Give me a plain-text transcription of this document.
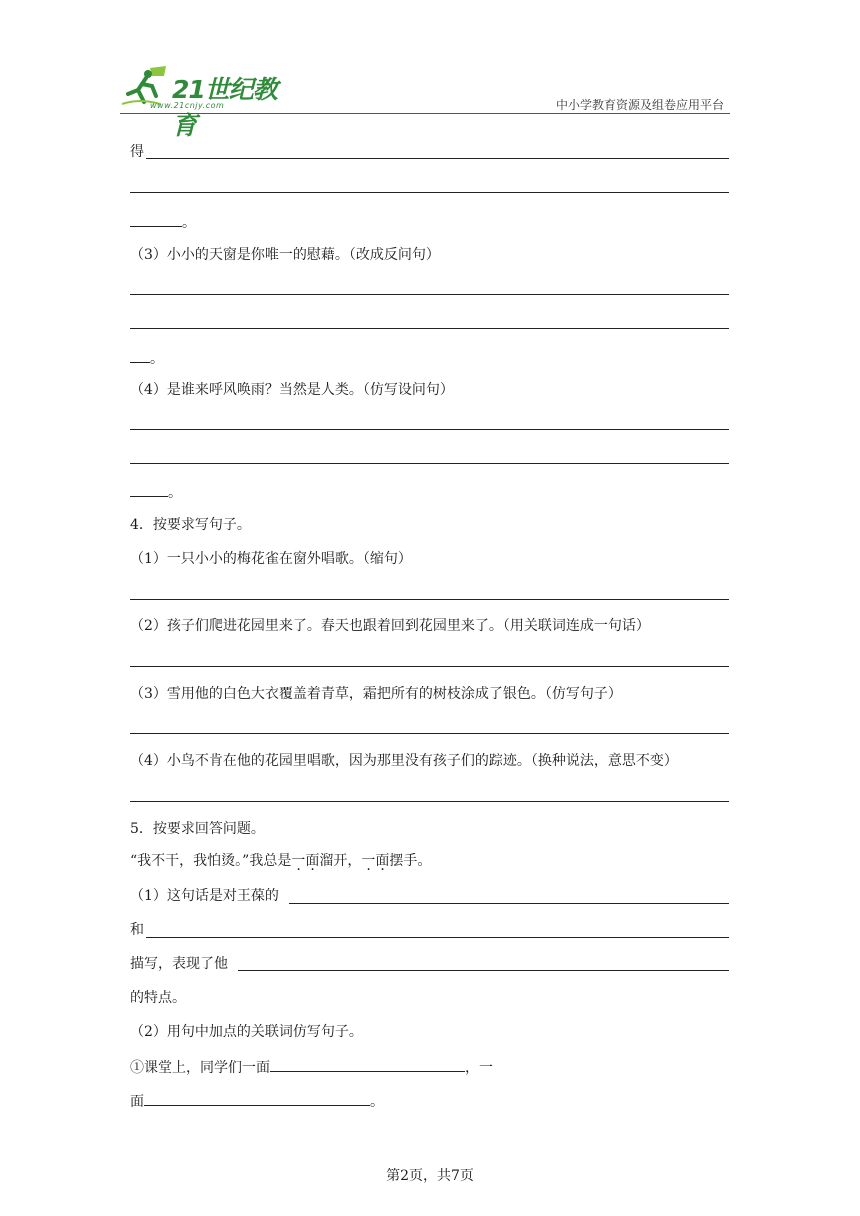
21世纪教育
www.21cnjy.com	中小学教育资源及组卷应用平台
得
。
（3）小小的天窗是你唯一的慰藉。（改成反问句）
。
（4）是谁来呼风唤雨？当然是人类。（仿写设问句）
。
4．按要求写句子。
（1）一只小小的梅花雀在窗外唱歌。（缩句）
（2）孩子们爬进花园里来了。春天也跟着回到花园里来了。（用关联词连成一句话）
（3）雪用他的白色大衣覆盖着青草，霜把所有的树枝涂成了银色。（仿写句子）
（4）小鸟不肯在他的花园里唱歌，因为那里没有孩子们的踪迹。（换种说法，意思不变）
5．按要求回答问题。
“我不干，我怕烫。”我总是一面溜开，一面摆手。
（1）这句话是对王葆的
和
描写，表现了他
的特点。
（2）用句中加点的关联词仿写句子。
①课堂上，同学们一面	，一
面	。
第2页，共7页
